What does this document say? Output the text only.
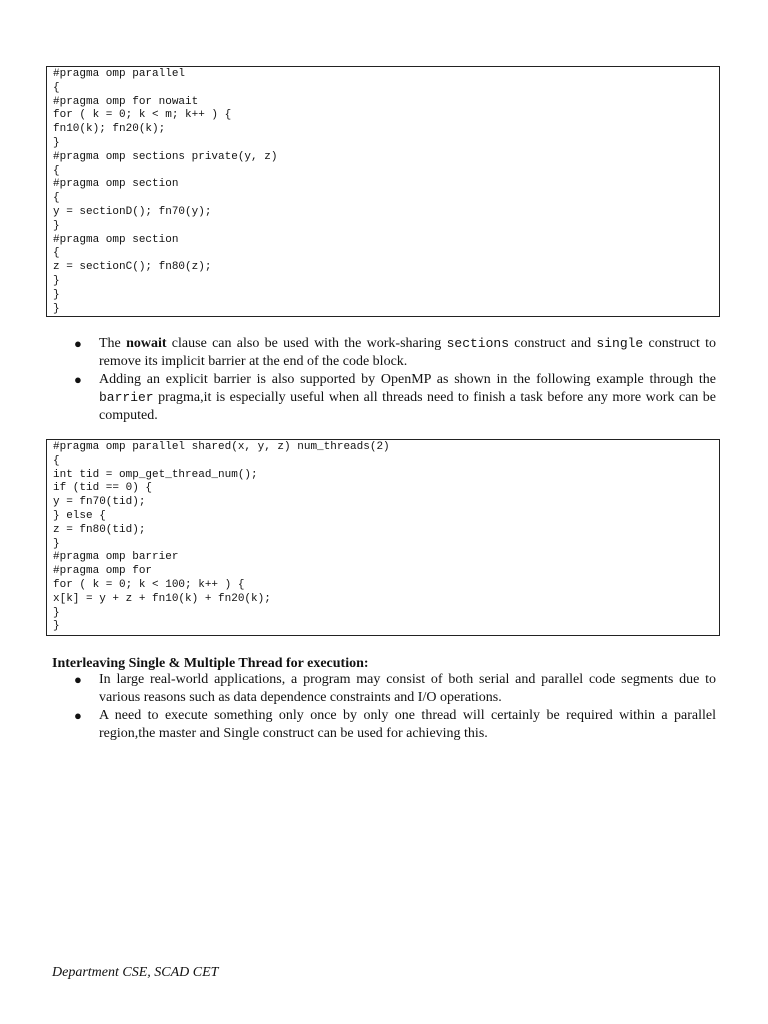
#pragma omp parallel
{
#pragma omp for nowait
for ( k = 0; k < m; k++ ) {
fn10(k); fn20(k);
}
#pragma omp sections private(y, z)
{
#pragma omp section
{
y = sectionD(); fn70(y);
}
#pragma omp section
{
z = sectionC(); fn80(z);
}
}
}
● The nowait clause can also be used with the work-sharing sections construct and single construct to remove its implicit barrier at the end of the code block.
● Adding an explicit barrier is also supported by OpenMP as shown in the following example through the barrier pragma,it is especially useful when all threads need to finish a task before any more work can be computed.
#pragma omp parallel shared(x, y, z) num_threads(2)
{
int tid = omp_get_thread_num();
if (tid == 0) {
y = fn70(tid);
} else {
z = fn80(tid);
}
#pragma omp barrier
#pragma omp for
for ( k = 0; k < 100; k++ ) {
x[k] = y + z + fn10(k) + fn20(k);
}
}

Interleaving Single & Multiple Thread for execution:

● In large real-world applications, a program may consist of both serial and parallel code segments due to various reasons such as data dependence constraints and I/O operations.
● A need to execute something only once by only one thread will certainly be required within a parallel region,the master and Single construct can be used for achieving this.

Department CSE, SCAD CET
